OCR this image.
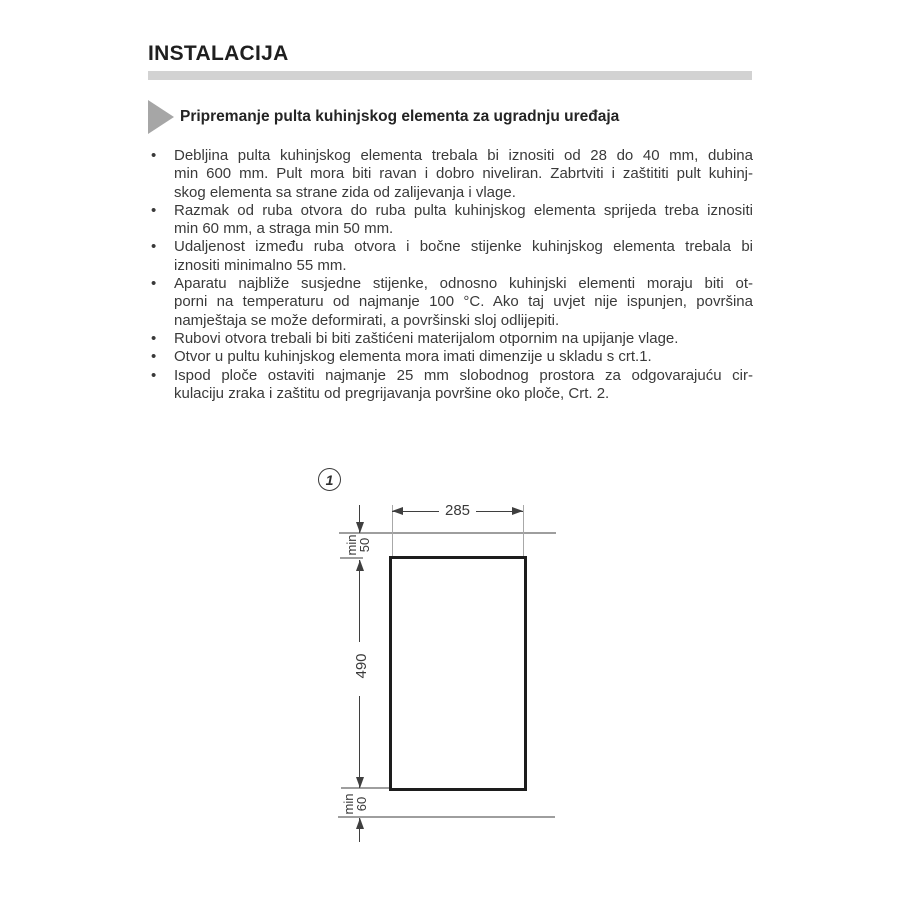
INSTALACIJA
Pripremanje pulta kuhinjskog elementa za ugradnju uređaja
•	Debljina pulta kuhinjskog elementa trebala bi iznositi od 28 do 40 mm, dubina
min 600 mm. Pult mora biti ravan i dobro niveliran. Zabrtviti i zaštititi pult kuhinj-
skog elementa sa strane zida od zalijevanja i vlage.
•	Razmak od ruba otvora do ruba pulta kuhinjskog elementa sprijeda treba iznositi
min 60 mm, a straga min 50 mm.
•	Udaljenost između ruba otvora i bočne stijenke kuhinjskog elementa trebala bi
iznositi minimalno 55 mm.
•	Aparatu najbliže susjedne stijenke, odnosno kuhinjski elementi moraju biti ot-
porni na temperaturu od najmanje 100 °C. Ako taj uvjet nije ispunjen, površina
namještaja se može deformirati, a površinski sloj odlijepiti.
•	Rubovi otvora trebali bi biti zaštićeni materijalom otpornim na upijanje vlage.
•	Otvor u pultu kuhinjskog elementa mora imati dimenzije u skladu s crt.1.
•	Ispod ploče ostaviti najmanje 25 mm slobodnog prostora za odgovarajuću cir-
kulaciju zraka i zaštitu od pregrijavanja površine oko ploče, Crt. 2.
1
285
490
min
50
min
60
